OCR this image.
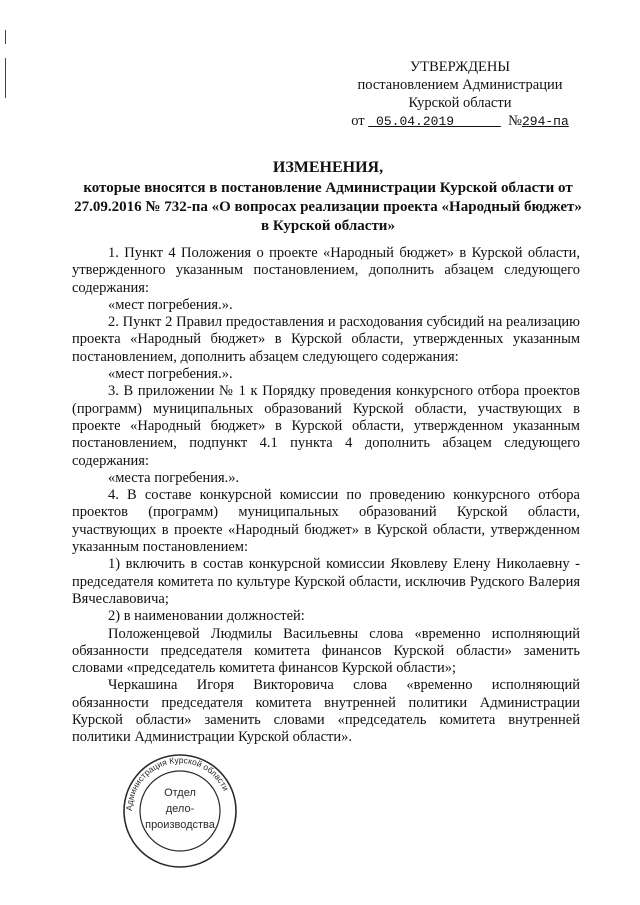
УТВЕРЖДЕНЫ
постановлением Администрации
Курской области
от 05.04.2019	№294-па
ИЗМЕНЕНИЯ,
которые вносятся в постановление Администрации Курской области от 27.09.2016 № 732-па «О вопросах реализации проекта «Народный бюджет» в Курской области»

1. Пункт 4 Положения о проекте «Народный бюджет» в Курской области, утвержденного указанным постановлением, дополнить абзацем следующего содержания:

«мест погребения.».

2. Пункт 2 Правил предоставления и расходования субсидий на реализацию проекта «Народный бюджет» в Курской области, утвержденных указанным постановлением, дополнить абзацем следующего содержания:

«мест погребения.».

3. В приложении № 1 к Порядку проведения конкурсного отбора проектов (программ) муниципальных образований Курской области, участвующих в проекте «Народный бюджет» в Курской области, утвержденном указанным постановлением, подпункт 4.1 пункта 4 дополнить абзацем следующего содержания:

«места погребения.».

4. В составе конкурсной комиссии по проведению конкурсного отбора проектов (программ) муниципальных образований Курской области, участвующих в проекте «Народный бюджет» в Курской области, утвержденном указанным постановлением:

1) включить в состав конкурсной комиссии Яковлеву Елену Николаевну - председателя комитета по культуре Курской области, исключив Рудского Валерия Вячеславовича;

2) в наименовании должностей:

Положенцевой Людмилы Васильевны слова «временно исполняющий обязанности председателя комитета финансов Курской области» заменить словами «председатель комитета финансов Курской области»;

Черкашина Игоря Викторовича слова «временно исполняющий обязанности председателя комитета внутренней политики Администрации Курской области» заменить словами «председатель комитета внутренней политики Администрации Курской области».

Администрация Курской области
Отдел
дело-
производства
